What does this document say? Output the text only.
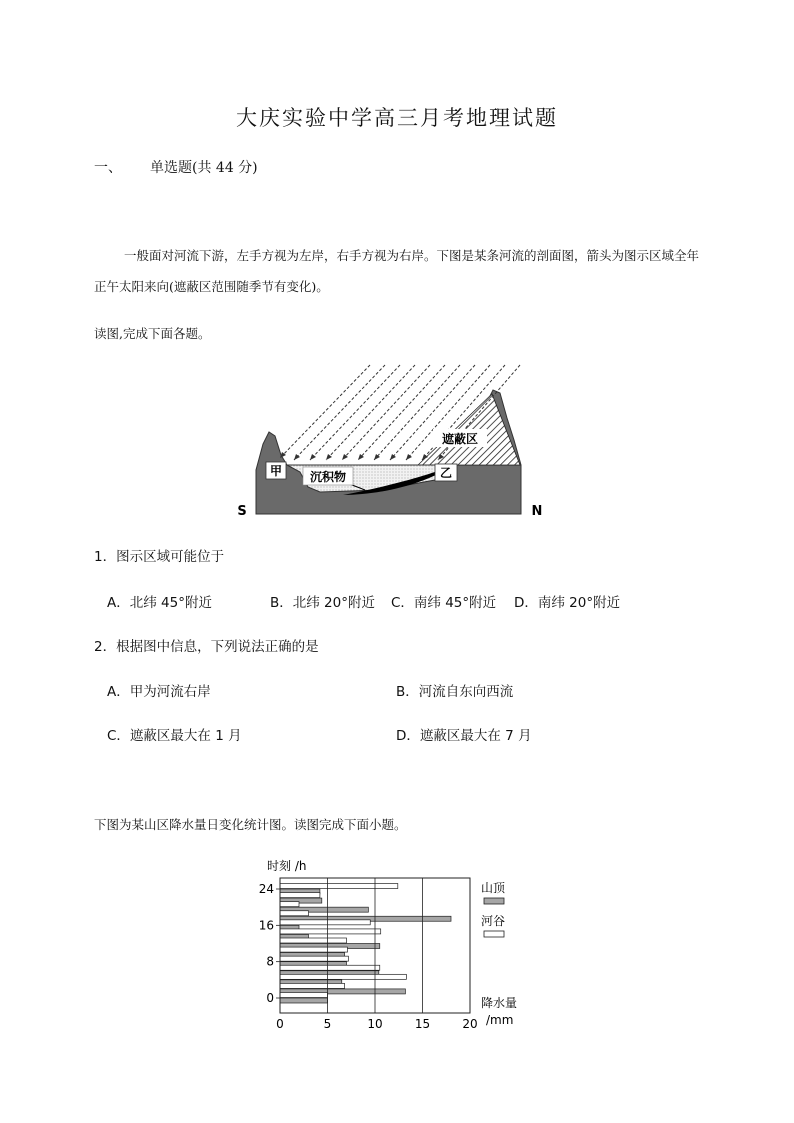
大庆实验中学高三月考地理试题
一、 单选题(共 44 分)
一般面对河流下游，左手方视为左岸，右手方视为右岸。下图是某条河流的剖面图，箭头为图示区域全年正午太阳来向(遮蔽区范围随季节有变化)。
读图,完成下面各题。
甲	乙
沉积物
遮蔽区
S	N
1．图示区域可能位于
A．北纬 45°附近	B．北纬 20°附近 C．南纬 45°附近 D．南纬 20°附近
2．根据图中信息，下列说法正确的是
A．甲为河流右岸	B．河流自东向西流
C．遮蔽区最大在 1 月	D．遮蔽区最大在 7 月
下图为某山区降水量日变化统计图。读图完成下面小题。
时刻 /h
0	5	10	15	20
24
16
8
0
山顶
河谷
降水量
/mm
